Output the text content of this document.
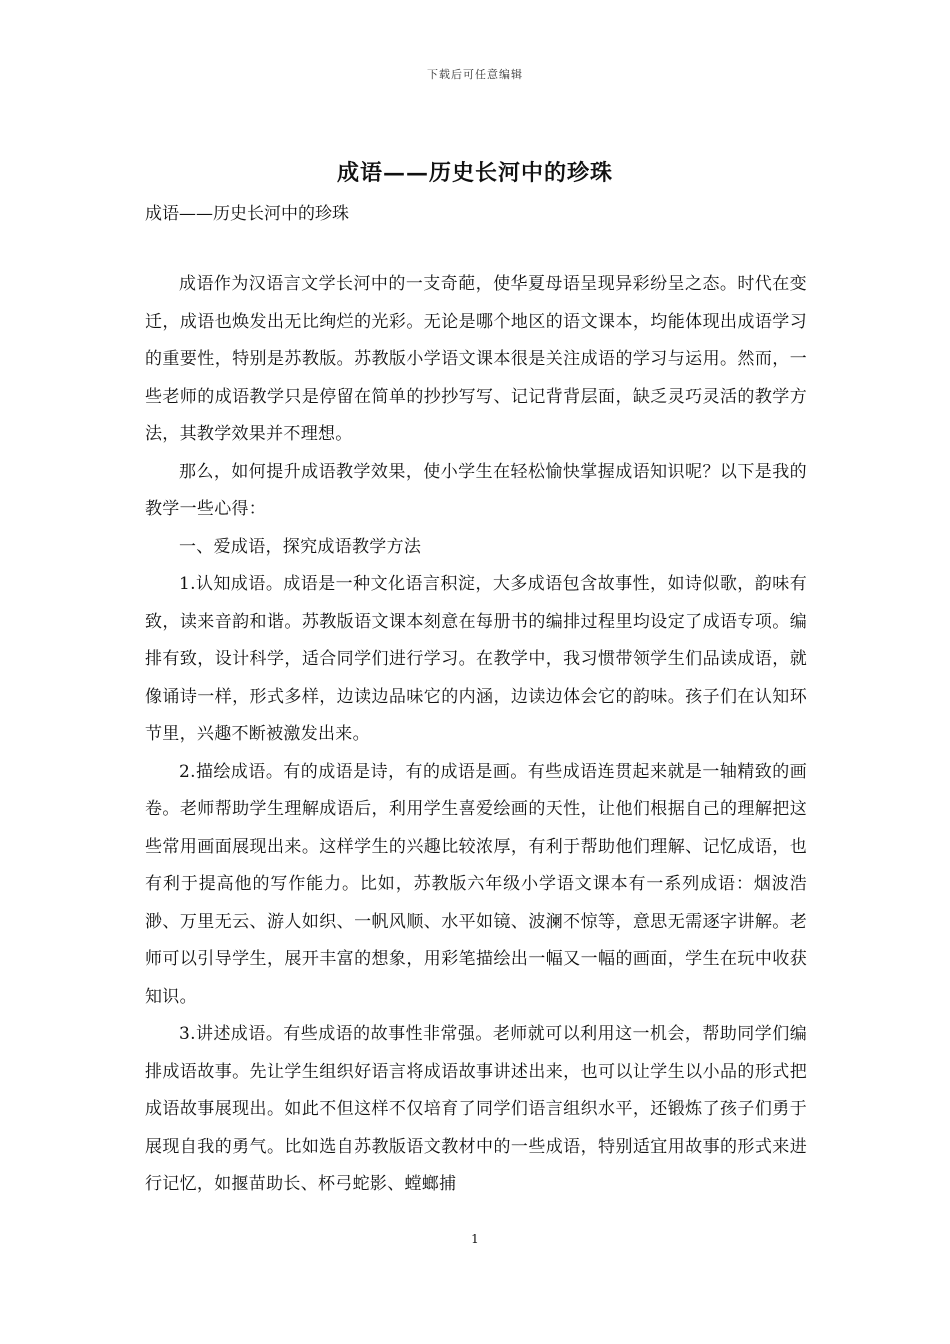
下载后可任意编辑
成语——历史长河中的珍珠
成语——历史长河中的珍珠

成语作为汉语言文学长河中的一支奇葩，使华夏母语呈现异彩纷呈之态。时代在变迁，成语也焕发出无比绚烂的光彩。无论是哪个地区的语文课本，均能体现出成语学习的重要性，特别是苏教版。苏教版小学语文课本很是关注成语的学习与运用。然而，一些老师的成语教学只是停留在简单的抄抄写写、记记背背层面，缺乏灵巧灵活的教学方法，其教学效果并不理想。

那么，如何提升成语教学效果，使小学生在轻松愉快掌握成语知识呢？以下是我的教学一些心得：

一、爱成语，探究成语教学方法

1.认知成语。成语是一种文化语言积淀，大多成语包含故事性，如诗似歌，韵味有致，读来音韵和谐。苏教版语文课本刻意在每册书的编排过程里均设定了成语专项。编排有致，设计科学，适合同学们进行学习。在教学中，我习惯带领学生们品读成语，就像诵诗一样，形式多样，边读边品味它的内涵，边读边体会它的韵味。孩子们在认知环节里，兴趣不断被激发出来。

2.描绘成语。有的成语是诗，有的成语是画。有些成语连贯起来就是一轴精致的画卷。老师帮助学生理解成语后，利用学生喜爱绘画的天性，让他们根据自己的理解把这些常用画面展现出来。这样学生的兴趣比较浓厚，有利于帮助他们理解、记忆成语，也有利于提高他的写作能力。比如，苏教版六年级小学语文课本有一系列成语：烟波浩渺、万里无云、游人如织、一帆风顺、水平如镜、波澜不惊等，意思无需逐字讲解。老师可以引导学生，展开丰富的想象，用彩笔描绘出一幅又一幅的画面，学生在玩中收获知识。

3.讲述成语。有些成语的故事性非常强。老师就可以利用这一机会，帮助同学们编排成语故事。先让学生组织好语言将成语故事讲述出来，也可以让学生以小品的形式把成语故事展现出。如此不但这样不仅培育了同学们语言组织水平，还锻炼了孩子们勇于展现自我的勇气。比如选自苏教版语文教材中的一些成语，特别适宜用故事的形式来进行记忆，如揠苗助长、杯弓蛇影、螳螂捕

1
